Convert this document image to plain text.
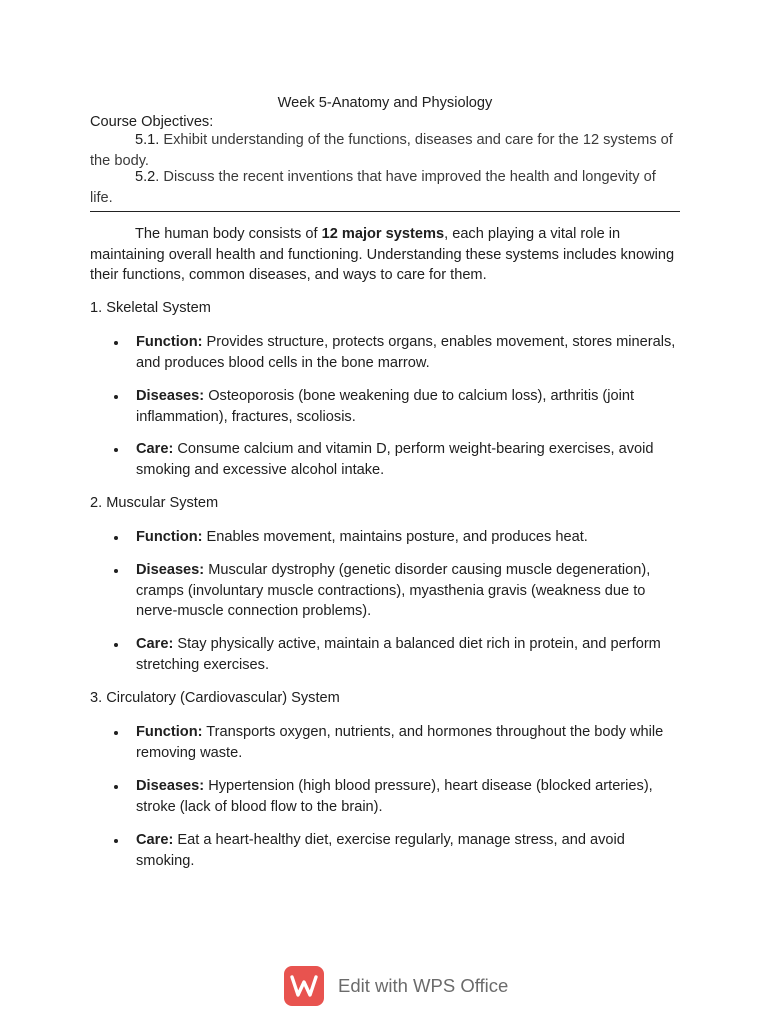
Week 5-Anatomy and Physiology
Course Objectives:
5.1. Exhibit understanding of the functions, diseases and care for the 12 systems of the body.
5.2. Discuss the recent inventions that have improved the health and longevity of life.
The human body consists of 12 major systems, each playing a vital role in maintaining overall health and functioning. Understanding these systems includes knowing their functions, common diseases, and ways to care for them.
1. Skeletal System
Function: Provides structure, protects organs, enables movement, stores minerals, and produces blood cells in the bone marrow.
Diseases: Osteoporosis (bone weakening due to calcium loss), arthritis (joint inflammation), fractures, scoliosis.
Care: Consume calcium and vitamin D, perform weight-bearing exercises, avoid smoking and excessive alcohol intake.
2. Muscular System
Function: Enables movement, maintains posture, and produces heat.
Diseases: Muscular dystrophy (genetic disorder causing muscle degeneration), cramps (involuntary muscle contractions), myasthenia gravis (weakness due to nerve-muscle connection problems).
Care: Stay physically active, maintain a balanced diet rich in protein, and perform stretching exercises.
3. Circulatory (Cardiovascular) System
Function: Transports oxygen, nutrients, and hormones throughout the body while removing waste.
Diseases: Hypertension (high blood pressure), heart disease (blocked arteries), stroke (lack of blood flow to the brain).
Care: Eat a heart-healthy diet, exercise regularly, manage stress, and avoid smoking.
Edit with WPS Office
